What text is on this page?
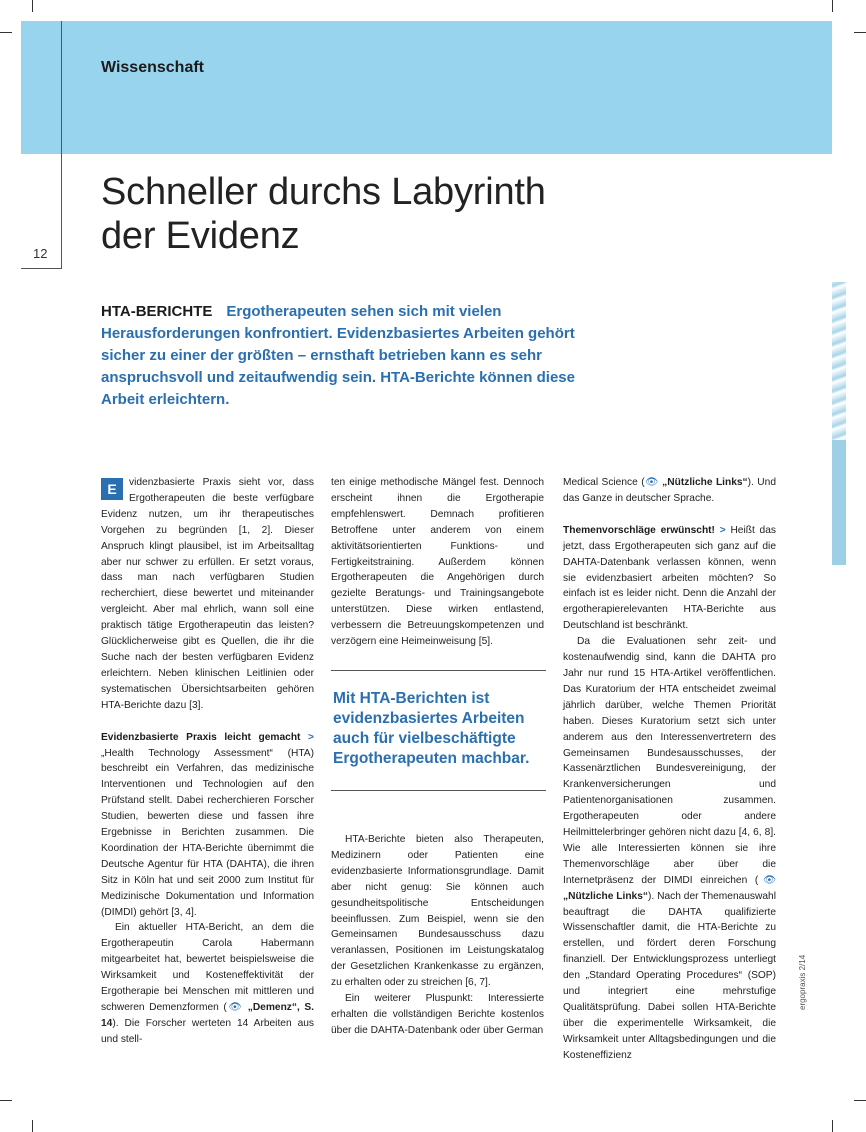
Wissenschaft
12
Schneller durchs Labyrinth
der Evidenz
HTA-BERICHTE Ergotherapeuten sehen sich mit vielen Herausforderungen konfrontiert. Evidenzbasiertes Arbeiten gehört sicher zu einer der größten – ernsthaft betrieben kann es sehr anspruchsvoll und zeitaufwendig sein. HTA-Berichte können diese Arbeit erleichtern.

E	videnzbasierte Praxis sieht vor, dass Ergotherapeuten die beste verfügbare Evidenz nutzen, um ihr therapeutisches Vorgehen zu begründen [1, 2]. Dieser Anspruch klingt plausibel, ist im Arbeitsalltag aber nur schwer zu erfüllen. Er setzt voraus, dass man nach verfügbaren Studien recherchiert, diese bewertet und miteinander vergleicht. Aber mal ehrlich, wann soll eine praktisch tätige Ergotherapeutin das leisten? Glücklicherweise gibt es Quellen, die ihr die Suche nach der besten verfügbaren Evidenz erleichtern. Neben klinischen Leitlinien oder systematischen Übersichtsarbeiten gehören HTA-Berichte dazu [3].

Evidenzbasierte Praxis leicht gemacht > „Health Technology Assessment“ (HTA) beschreibt ein Verfahren, das medizinische Interventionen und Technologien auf den Prüfstand stellt. Dabei recherchieren Forscher Studien, bewerten diese und fassen ihre Ergebnisse in Berichten zusammen. Die Koordination der HTA-Berichte übernimmt die Deutsche Agentur für HTA (DAHTA), die ihren Sitz in Köln hat und seit 2000 zum Institut für Medizinische Dokumentation und Information (DIMDI) gehört [3, 4].

Ein aktueller HTA-Bericht, an dem die Ergotherapeutin Carola Habermann mitgearbeitet hat, bewertet beispielsweise die Wirksamkeit und Kosteneffektivität der Ergotherapie bei Menschen mit mittleren und schweren Demenzformen (👁 „Demenz“, S. 14). Die Forscher werteten 14 Arbeiten aus und stell-

ten einige methodische Mängel fest. Dennoch erscheint ihnen die Ergotherapie empfehlenswert. Demnach profitieren Betroffene unter anderem von einem aktivitätsorientierten Funktions- und Fertigkeitstraining. Außerdem können Ergotherapeuten die Angehörigen durch gezielte Beratungs- und Trainingsangebote unterstützen. Diese wirken entlastend, verbessern die Betreuungskompetenzen und verzögern eine Heimeinweisung [5].

Mit HTA-Berichten ist evidenzbasiertes Arbeiten auch für vielbeschäftigte Ergotherapeuten machbar.

HTA-Berichte bieten also Therapeuten, Medizinern oder Patienten eine evidenzbasierte Informationsgrundlage. Damit aber nicht genug: Sie können auch gesundheitspolitische Entscheidungen beeinflussen. Zum Beispiel, wenn sie den Gemeinsamen Bundesausschuss dazu veranlassen, Positionen im Leistungskatalog der Gesetzlichen Krankenkasse zu ergänzen, zu erhalten oder zu streichen [6, 7].

Ein weiterer Pluspunkt: Interessierte erhalten die vollständigen Berichte kostenlos über die DAHTA-Datenbank oder über German

Medical Science (👁 „Nützliche Links“). Und das Ganze in deutscher Sprache.

Themenvorschläge erwünscht! > Heißt das jetzt, dass Ergotherapeuten sich ganz auf die DAHTA-Datenbank verlassen können, wenn sie evidenzbasiert arbeiten möchten? So einfach ist es leider nicht. Denn die Anzahl der ergotherapierelevanten HTA-Berichte aus Deutschland ist beschränkt.

Da die Evaluationen sehr zeit- und kostenaufwendig sind, kann die DAHTA pro Jahr nur rund 15 HTA-Artikel veröffentlichen. Das Kuratorium der HTA entscheidet zweimal jährlich darüber, welche Themen Priorität haben. Dieses Kuratorium setzt sich unter anderem aus den Interessenvertretern des Gemeinsamen Bundesausschusses, der Kassenärztlichen Bundesvereinigung, der Krankenversicherungen und Patientenorganisationen zusammen. Ergotherapeuten oder andere Heilmittelerbringer gehören nicht dazu [4, 6, 8]. Wie alle Interessierten können sie ihre Themenvorschläge aber über die Internetpräsenz der DIMDI einreichen (👁 „Nützliche Links“). Nach der Themenauswahl beauftragt die DAHTA qualifizierte Wissenschaftler damit, die HTA-Berichte zu erstellen, und fördert deren Forschung finanziell. Der Entwicklungsprozess unterliegt den „Standard Operating Procedures“ (SOP) und integriert eine mehrstufige Qualitätsprüfung. Dabei sollen HTA-Berichte über die experimentelle Wirksamkeit, die Wirksamkeit unter Alltagsbedingungen und die Kosteneffizienz

ergopraxis 2/14
